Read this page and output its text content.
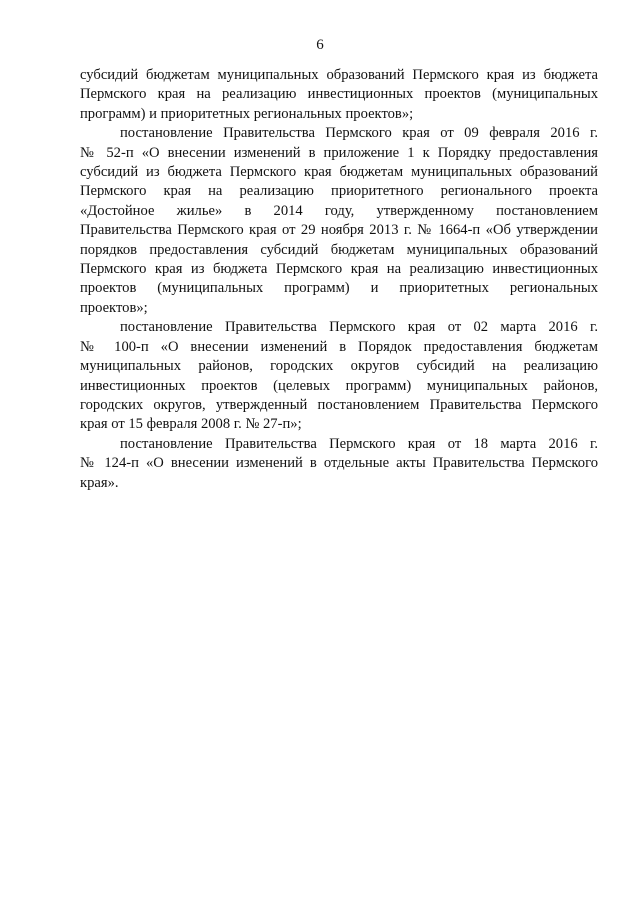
6
субсидий бюджетам муниципальных образований Пермского края из бюджета
Пермского края на реализацию инвестиционных проектов (муниципальных
программ) и приоритетных региональных проектов»;
постановление Правительства Пермского края от 09 февраля 2016 г.
№ 52-п «О внесении изменений в приложение 1 к Порядку предоставления
субсидий из бюджета Пермского края бюджетам муниципальных образований
Пермского края на реализацию приоритетного регионального проекта
«Достойное жилье» в 2014 году, утвержденному постановлением
Правительства Пермского края от 29 ноября 2013 г. № 1664-п «Об утверждении
порядков предоставления субсидий бюджетам муниципальных образований
Пермского края из бюджета Пермского края на реализацию инвестиционных
проектов (муниципальных программ) и приоритетных региональных
проектов»;
постановление Правительства Пермского края от 02 марта 2016 г.
№ 100-п «О внесении изменений в Порядок предоставления бюджетам
муниципальных районов, городских округов субсидий на реализацию
инвестиционных проектов (целевых программ) муниципальных районов,
городских округов, утвержденный постановлением Правительства Пермского
края от 15 февраля 2008 г. № 27-п»;
постановление Правительства Пермского края от 18 марта 2016 г.
№ 124-п «О внесении изменений в отдельные акты Правительства Пермского
края».
